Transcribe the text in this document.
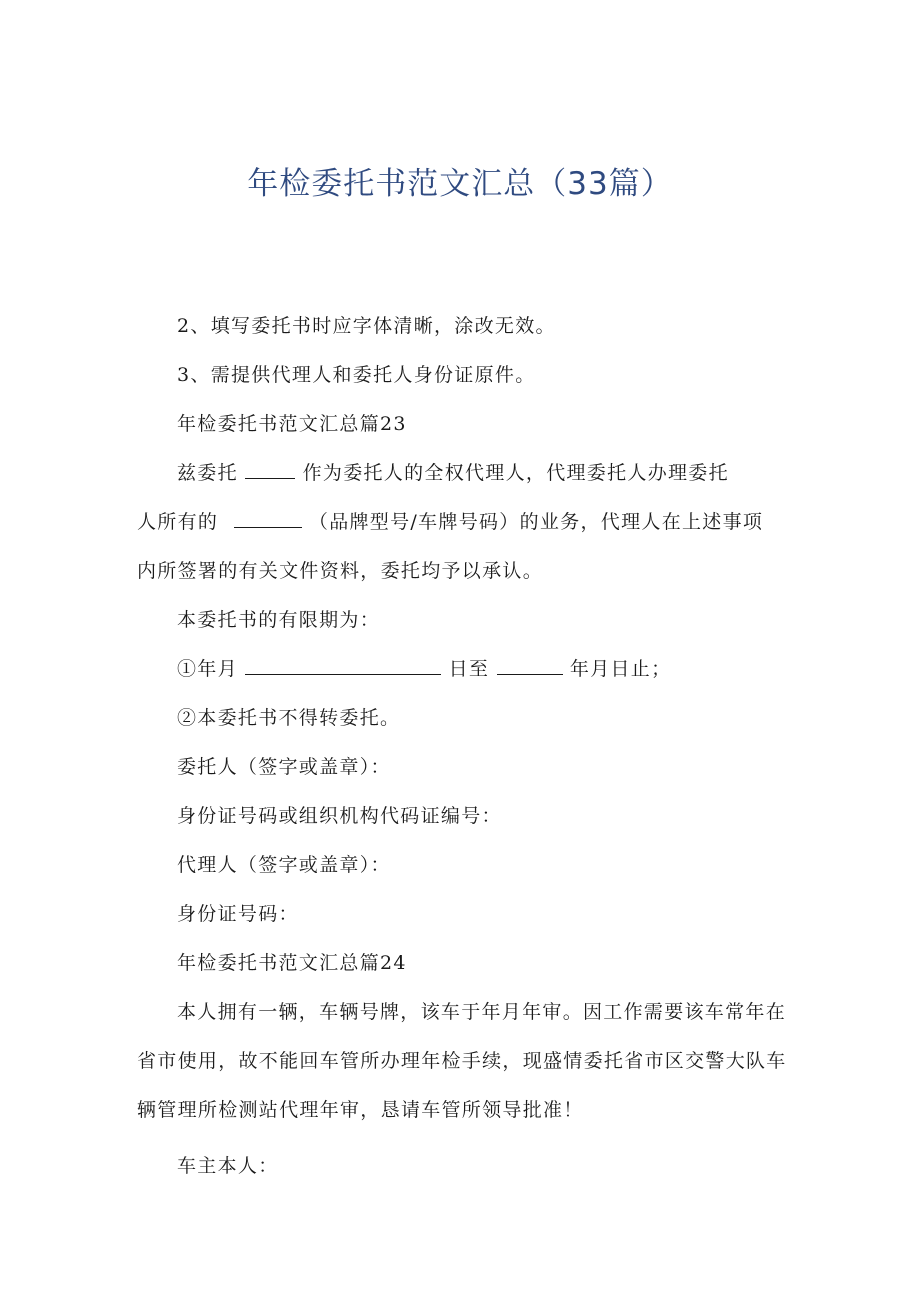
年检委托书范文汇总（33篇）
2、填写委托书时应字体清晰，涂改无效。
3、需提供代理人和委托人身份证原件。
年检委托书范文汇总篇23
兹委托	作为委托人的全权代理人，代理委托人办理委托
人所有的	（品牌型号/车牌号码）的业务，代理人在上述事项
内所签署的有关文件资料，委托均予以承认。
本委托书的有限期为：
①年月	日至	年月日止；
②本委托书不得转委托。
委托人（签字或盖章）：
身份证号码或组织机构代码证编号：
代理人（签字或盖章）：
身份证号码：
年检委托书范文汇总篇24
本人拥有一辆，车辆号牌，该车于年月年审。因工作需要该车常年在
省市使用，故不能回车管所办理年检手续，现盛情委托省市区交警大队车
辆管理所检测站代理年审，恳请车管所领导批准！
车主本人：
